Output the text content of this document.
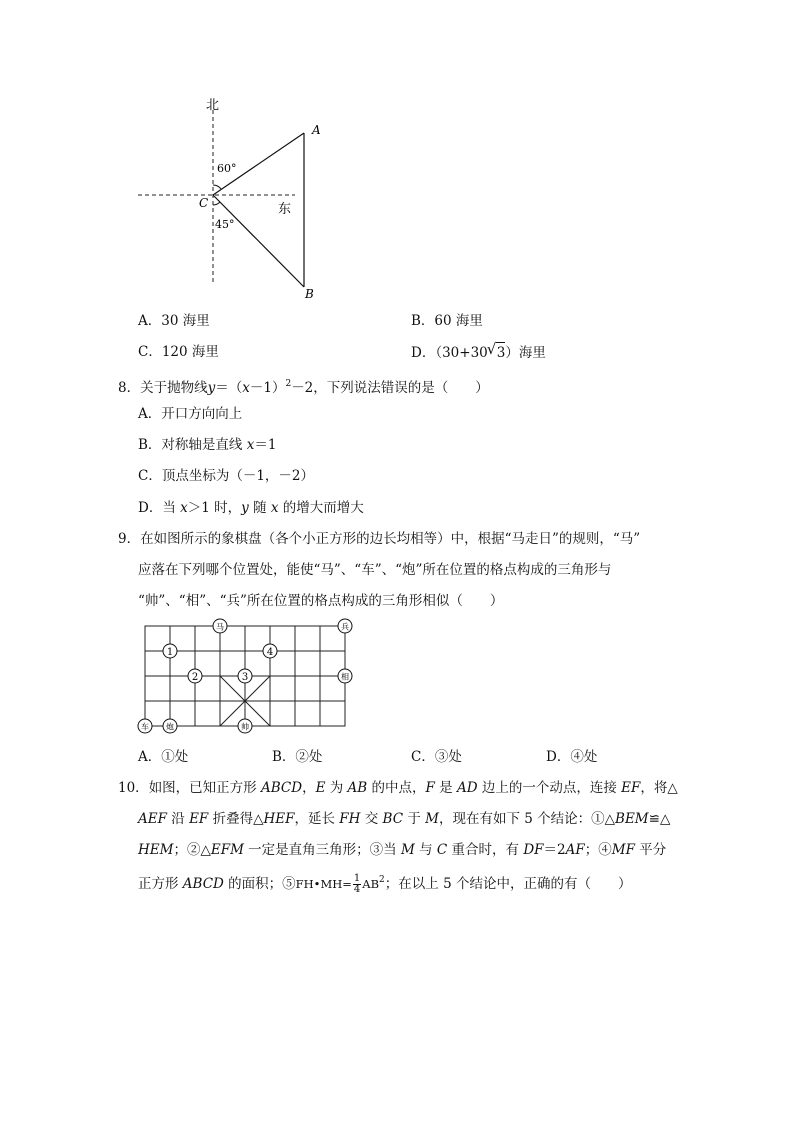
北
东
A
B
C
60°
45°
A．30 海里	B．60 海里
C．120 海里	D．（30+30 √ 3）海里
8．关于抛物线$y=(x-1)^2-2$，下列说法错误的是（　　）
A．开口方向向上
B．对称轴是直线 x＝1
C．顶点坐标为（－1，－2）
D．当 x＞1 时，y 随 x 的增大而增大
9．在如图所示的象棋盘（各个小正方形的边长均相等）中，根据“马走日”的规则，“马”
应落在下列哪个位置处，能使“马”、“车”、“炮”所在位置的格点构成的三角形与
“帅”、“相”、“兵”所在位置的格点构成的三角形相似（　　）
1
2	3
4
马	兵
相
车 炮	帅
A．①处	B．②处	C．③处	D．④处
10．如图，已知正方形 ABCD，E 为 AB 的中点，F 是 AD 边上的一个动点，连接 EF，将△
AEF 沿 EF 折叠得△HEF，延长 FH 交 BC 于 M，现在有如下 5 个结论：①△BEM≌△
HEM；②△EFM 一定是直角三角形；③当 M 与 C 重合时，有 DF＝2AF；④MF 平分
正方形 ABCD 的面积；⑤FH•MH= $\frac{1}{4} AB^2$；在以上 5 个结论中，正确的有（　　）
